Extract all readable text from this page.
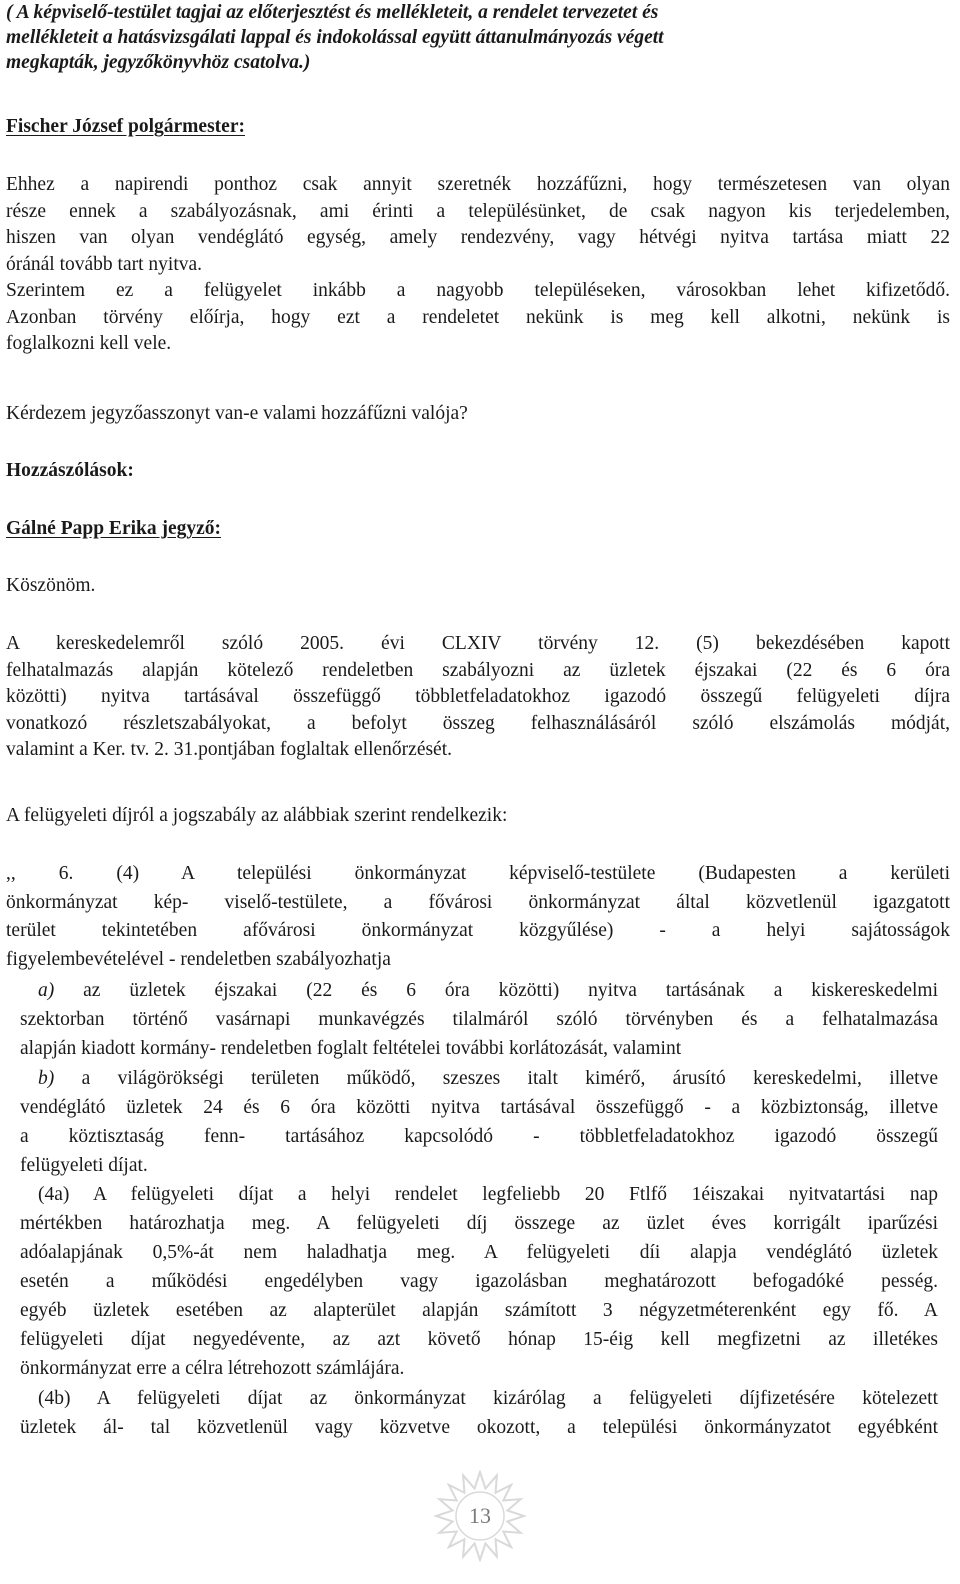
( A képviselő-testület tagjai az előterjesztést és mellékleteit, a rendelet tervezetet és
mellékleteit a hatásvizsgálati lappal és indokolással együtt áttanulmányozás végett
megkapták, jegyzőkönyvhöz csatolva.)
Fischer József polgármester:
Ehhez a napirendi ponthoz csak annyit szeretnék hozzáfűzni, hogy természetesen van olyan
része ennek a szabályozásnak, ami érinti a településünket, de csak nagyon kis terjedelemben,
hiszen van olyan vendéglátó egység, amely rendezvény, vagy hétvégi nyitva tartása miatt 22
óránál tovább tart nyitva.
Szerintem ez a felügyelet inkább a nagyobb településeken, városokban lehet kifizetődő.
Azonban törvény előírja, hogy ezt a rendeletet nekünk is meg kell alkotni, nekünk is
foglalkozni kell vele.
Kérdezem jegyzőasszonyt van-e valami hozzáfűzni valója?
Hozzászólások:
Gálné Papp Erika jegyző:
Köszönöm.
A kereskedelemről szóló 2005. évi CLXIV törvény 12. (5) bekezdésében kapott
felhatalmazás alapján kötelező rendeletben szabályozni az üzletek éjszakai (22 és 6 óra
közötti) nyitva tartásával összefüggő többletfeladatokhoz igazodó összegű felügyeleti díjra
vonatkozó részletszabályokat, a befolyt összeg felhasználásáról szóló elszámolás módját,
valamint a Ker. tv. 2. 31.pontjában foglaltak ellenőrzését.
A felügyeleti díjról a jogszabály az alábbiak szerint rendelkezik:
,, 6. (4) A települési önkormányzat képviselő-testülete (Budapesten a kerületi
önkormányzat kép- viselő-testülete, a fővárosi önkormányzat által közvetlenül igazgatott
terület tekintetében afővárosi önkormányzat közgyűlése) - a helyi sajátosságok
figyelembevételével - rendeletben szabályozhatja
a) az üzletek éjszakai (22 és 6 óra közötti) nyitva tartásának a kiskereskedelmi
szektorban történő vasárnapi munkavégzés tilalmáról szóló törvényben és a felhatalmazása
alapján kiadott kormány- rendeletben foglalt feltételei további korlátozását, valamint
b) a világörökségi területen működő, szeszes italt kimérő, árusító kereskedelmi, illetve
vendéglátó üzletek 24 és 6 óra közötti nyitva tartásával összefüggő - a közbiztonság, illetve
a köztisztaság fenn- tartásához kapcsolódó - többletfeladatokhoz igazodó összegű
felügyeleti díjat.
(4a) A felügyeleti díjat a helyi rendelet legfeliebb 20 Ftlfő 1éiszakai nyitvatartási nap
mértékben határozhatja meg. A felügyeleti díj összege az üzlet éves korrigált iparűzési
adóalapjának 0,5%-át nem haladhatja meg. A felügyeleti díi alapja vendéglátó üzletek
esetén a működési engedélyben vagy igazolásban meghatározott befogadóké pesség.
egyéb üzletek esetében az alapterület alapján számított 3 négyzetméterenként egy fő. A
felügyeleti díjat negyedévente, az azt követő hónap 15-éig kell megfizetni az illetékes
önkormányzat erre a célra létrehozott számlájára.
(4b) A felügyeleti díjat az önkormányzat kizárólag a felügyeleti díjfizetésére kötelezett
üzletek ál- tal közvetlenül vagy közvetve okozott, a települési önkormányzatot egyébként
13
